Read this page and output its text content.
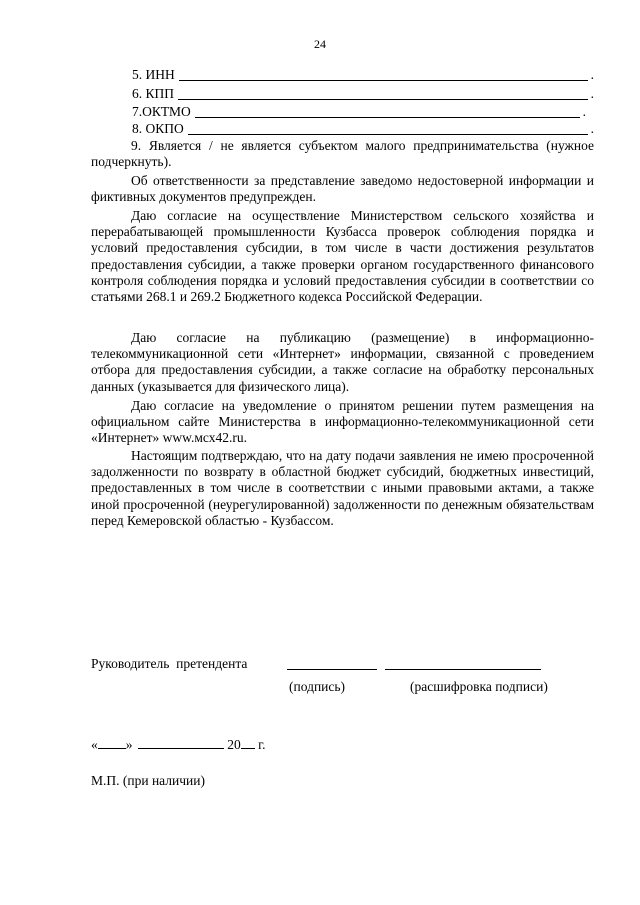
24
5. ИНН	.
6. КПП	.
7.ОКТМО	.
8. ОКПО	.

9. Является / не является субъектом малого предпринимательства (нужное подчеркнуть).

Об ответственности за представление заведомо недостоверной информации и фиктивных документов предупрежден.

Даю согласие на осуществление Министерством сельского хозяйства и перерабатывающей промышленности Кузбасса проверок соблюдения порядка и условий предоставления субсидии, в том числе в части достижения результатов предоставления субсидии, а также проверки органом государственного финансового контроля соблюдения порядка и условий предоставления субсидии в соответствии со статьями 268.1 и 269.2 Бюджетного кодекса Российской Федерации.

Даю согласие на публикацию (размещение) в информационно-телекоммуникационной сети «Интернет» информации, связанной с проведением отбора для предоставления субсидии, а также согласие на обработку персональных данных (указывается для физического лица).

Даю согласие на уведомление о принятом решении путем размещения на официальном сайте Министерства в информационно-телекоммуникационной сети «Интернет» www.мсх42.ru.

Настоящим подтверждаю, что на дату подачи заявления не имею просроченной задолженности по возврату в областной бюджет субсидий, бюджетных инвестиций, предоставленных в том числе в соответствии с иными правовыми актами, а также иной просроченной (неурегулированной) задолженности по денежным обязательствам перед Кемеровской областью - Кузбассом.

Руководитель  претендента
(подпись)	(расшифровка подписи)
« »	20 г.
М.П. (при наличии)
